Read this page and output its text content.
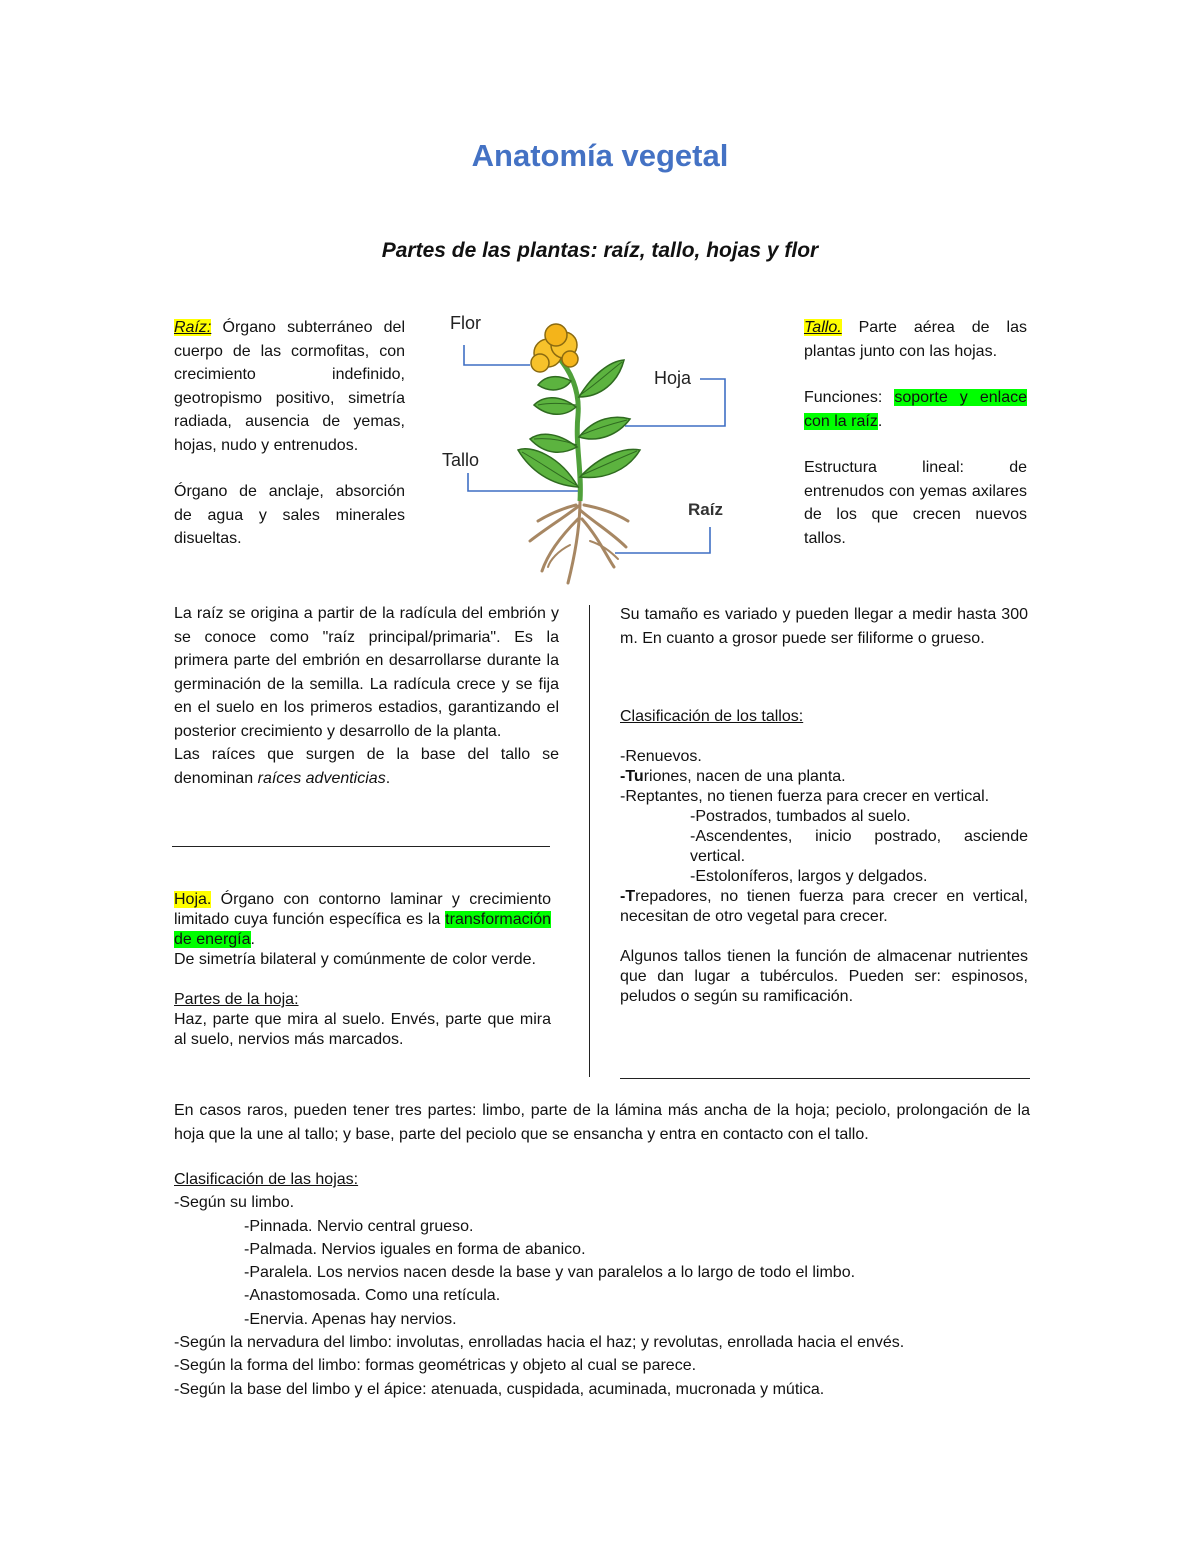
Anatomía vegetal
Partes de las plantas: raíz, tallo, hojas y flor

Raíz: Órgano subterráneo del cuerpo de las cormofitas, con crecimiento indefinido, geotropismo positivo, simetría radiada, ausencia de yemas, hojas, nudo y entrenudos.

Órgano de anclaje, absorción de agua y sales minerales disueltas.

Flor
Hoja
Tallo
Raíz

Tallo. Parte aérea de las plantas junto con las hojas.

Funciones: soporte y enlace con la raíz.

Estructura lineal: de entrenudos con yemas axilares de los que crecen nuevos tallos.

La raíz se origina a partir de la radícula del embrión y se conoce como "raíz principal/primaria". Es la primera parte del embrión en desarrollarse durante la germinación de la semilla. La radícula crece y se fija en el suelo en los primeros estadios, garantizando el posterior crecimiento y desarrollo de la planta.

Las raíces que surgen de la base del tallo se denominan raíces adventicias.

Hoja. Órgano con contorno laminar y crecimiento limitado cuya función específica es la transformación de energía.

De simetría bilateral y comúnmente de color verde.

Partes de la hoja:

Haz, parte que mira al suelo. Envés, parte que mira al suelo, nervios más marcados.

Su tamaño es variado y pueden llegar a medir hasta 300 m. En cuanto a grosor puede ser filiforme o grueso.

Clasificación de los tallos:

-Renuevos.

-Turiones, nacen de una planta.

-Reptantes, no tienen fuerza para crecer en vertical.

-Postrados, tumbados al suelo.

-Ascendentes, inicio postrado, asciende vertical.

-Estoloníferos, largos y delgados.

-Trepadores, no tienen fuerza para crecer en vertical, necesitan de otro vegetal para crecer.

Algunos tallos tienen la función de almacenar nutrientes que dan lugar a tubérculos. Pueden ser: espinosos, peludos o según su ramificación.

En casos raros, pueden tener tres partes: limbo, parte de la lámina más ancha de la hoja; peciolo, prolongación de la hoja que la une al tallo; y base, parte del peciolo que se ensancha y entra en contacto con el tallo.

Clasificación de las hojas:

-Según su limbo.

-Pinnada. Nervio central grueso.

-Palmada. Nervios iguales en forma de abanico.

-Paralela. Los nervios nacen desde la base y van paralelos a lo largo de todo el limbo.

-Anastomosada. Como una retícula.

-Enervia. Apenas hay nervios.

-Según la nervadura del limbo: involutas, enrolladas hacia el haz; y revolutas, enrollada hacia el envés.

-Según la forma del limbo: formas geométricas y objeto al cual se parece.

-Según la base del limbo y el ápice: atenuada, cuspidada, acuminada, mucronada y mútica.
